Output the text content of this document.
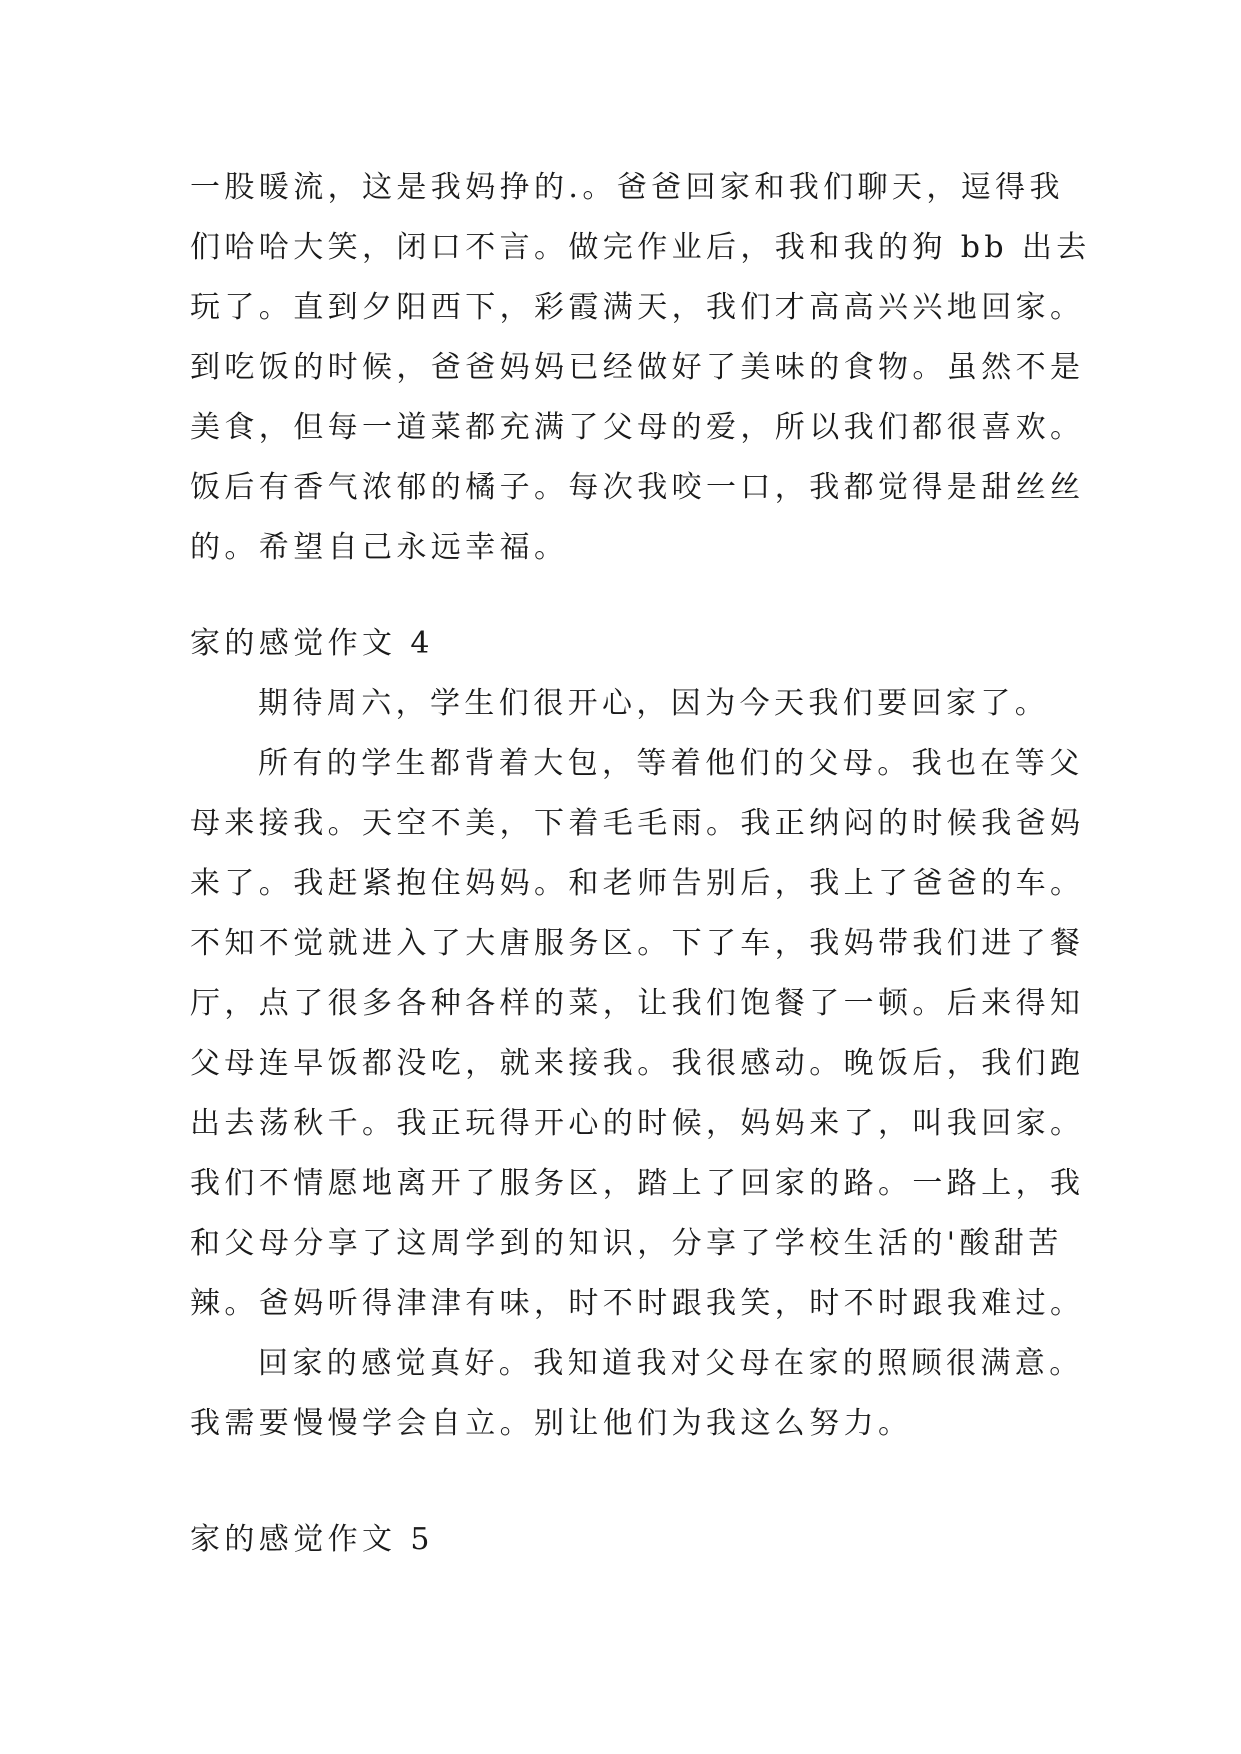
一股暖流，这是我妈挣的.。爸爸回家和我们聊天，逗得我
们哈哈大笑，闭口不言。做完作业后，我和我的狗 bb 出去
玩了。直到夕阳西下，彩霞满天，我们才高高兴兴地回家。
到吃饭的时候，爸爸妈妈已经做好了美味的食物。虽然不是
美食，但每一道菜都充满了父母的爱，所以我们都很喜欢。
饭后有香气浓郁的橘子。每次我咬一口，我都觉得是甜丝丝
的。希望自己永远幸福。
家的感觉作文 4
期待周六，学生们很开心，因为今天我们要回家了。
所有的学生都背着大包，等着他们的父母。我也在等父
母来接我。天空不美，下着毛毛雨。我正纳闷的时候我爸妈
来了。我赶紧抱住妈妈。和老师告别后，我上了爸爸的车。
不知不觉就进入了大唐服务区。下了车，我妈带我们进了餐
厅，点了很多各种各样的菜，让我们饱餐了一顿。后来得知
父母连早饭都没吃，就来接我。我很感动。晚饭后，我们跑
出去荡秋千。我正玩得开心的时候，妈妈来了，叫我回家。
我们不情愿地离开了服务区，踏上了回家的路。一路上，我
和父母分享了这周学到的知识，分享了学校生活的'酸甜苦
辣。爸妈听得津津有味，时不时跟我笑，时不时跟我难过。
回家的感觉真好。我知道我对父母在家的照顾很满意。
我需要慢慢学会自立。别让他们为我这么努力。
家的感觉作文 5
